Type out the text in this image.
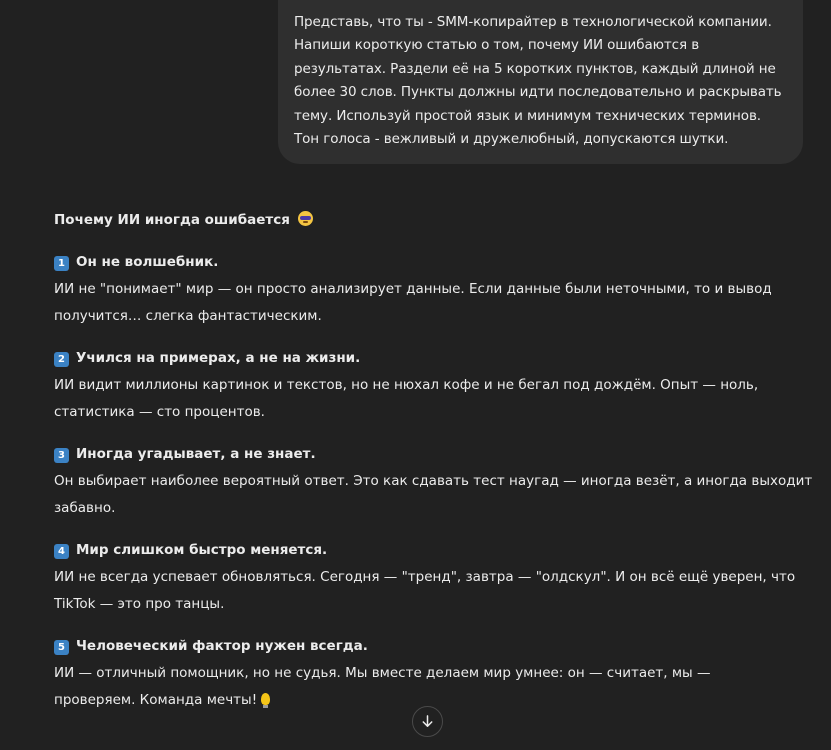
Представь, что ты - SMM-копирайтер в технологической компании.
Напиши короткую статью о том, почему ИИ ошибаются в
результатах. Раздели её на 5 коротких пунктов, каждый длиной не
более 30 слов. Пункты должны идти последовательно и раскрывать
тему. Используй простой язык и минимум технических терминов.
Тон голоса - вежливый и дружелюбный, допускаются шутки.
Почему ИИ иногда ошибается
1 Он не волшебник.
ИИ не "понимает" мир — он просто анализирует данные. Если данные были неточными, то и вывод
получится… слегка фантастическим.
2 Учился на примерах, а не на жизни.
ИИ видит миллионы картинок и текстов, но не нюхал кофе и не бегал под дождём. Опыт — ноль,
статистика — сто процентов.
3 Иногда угадывает, а не знает.
Он выбирает наиболее вероятный ответ. Это как сдавать тест наугад — иногда везёт, а иногда выходит
забавно.
4 Мир слишком быстро меняется.
ИИ не всегда успевает обновляться. Сегодня — "тренд", завтра — "олдскул". И он всё ещё уверен, что
TikTok — это про танцы.
5 Человеческий фактор нужен всегда.
ИИ — отличный помощник, но не судья. Мы вместе делаем мир умнее: он — считает, мы —
проверяем. Команда мечты!
